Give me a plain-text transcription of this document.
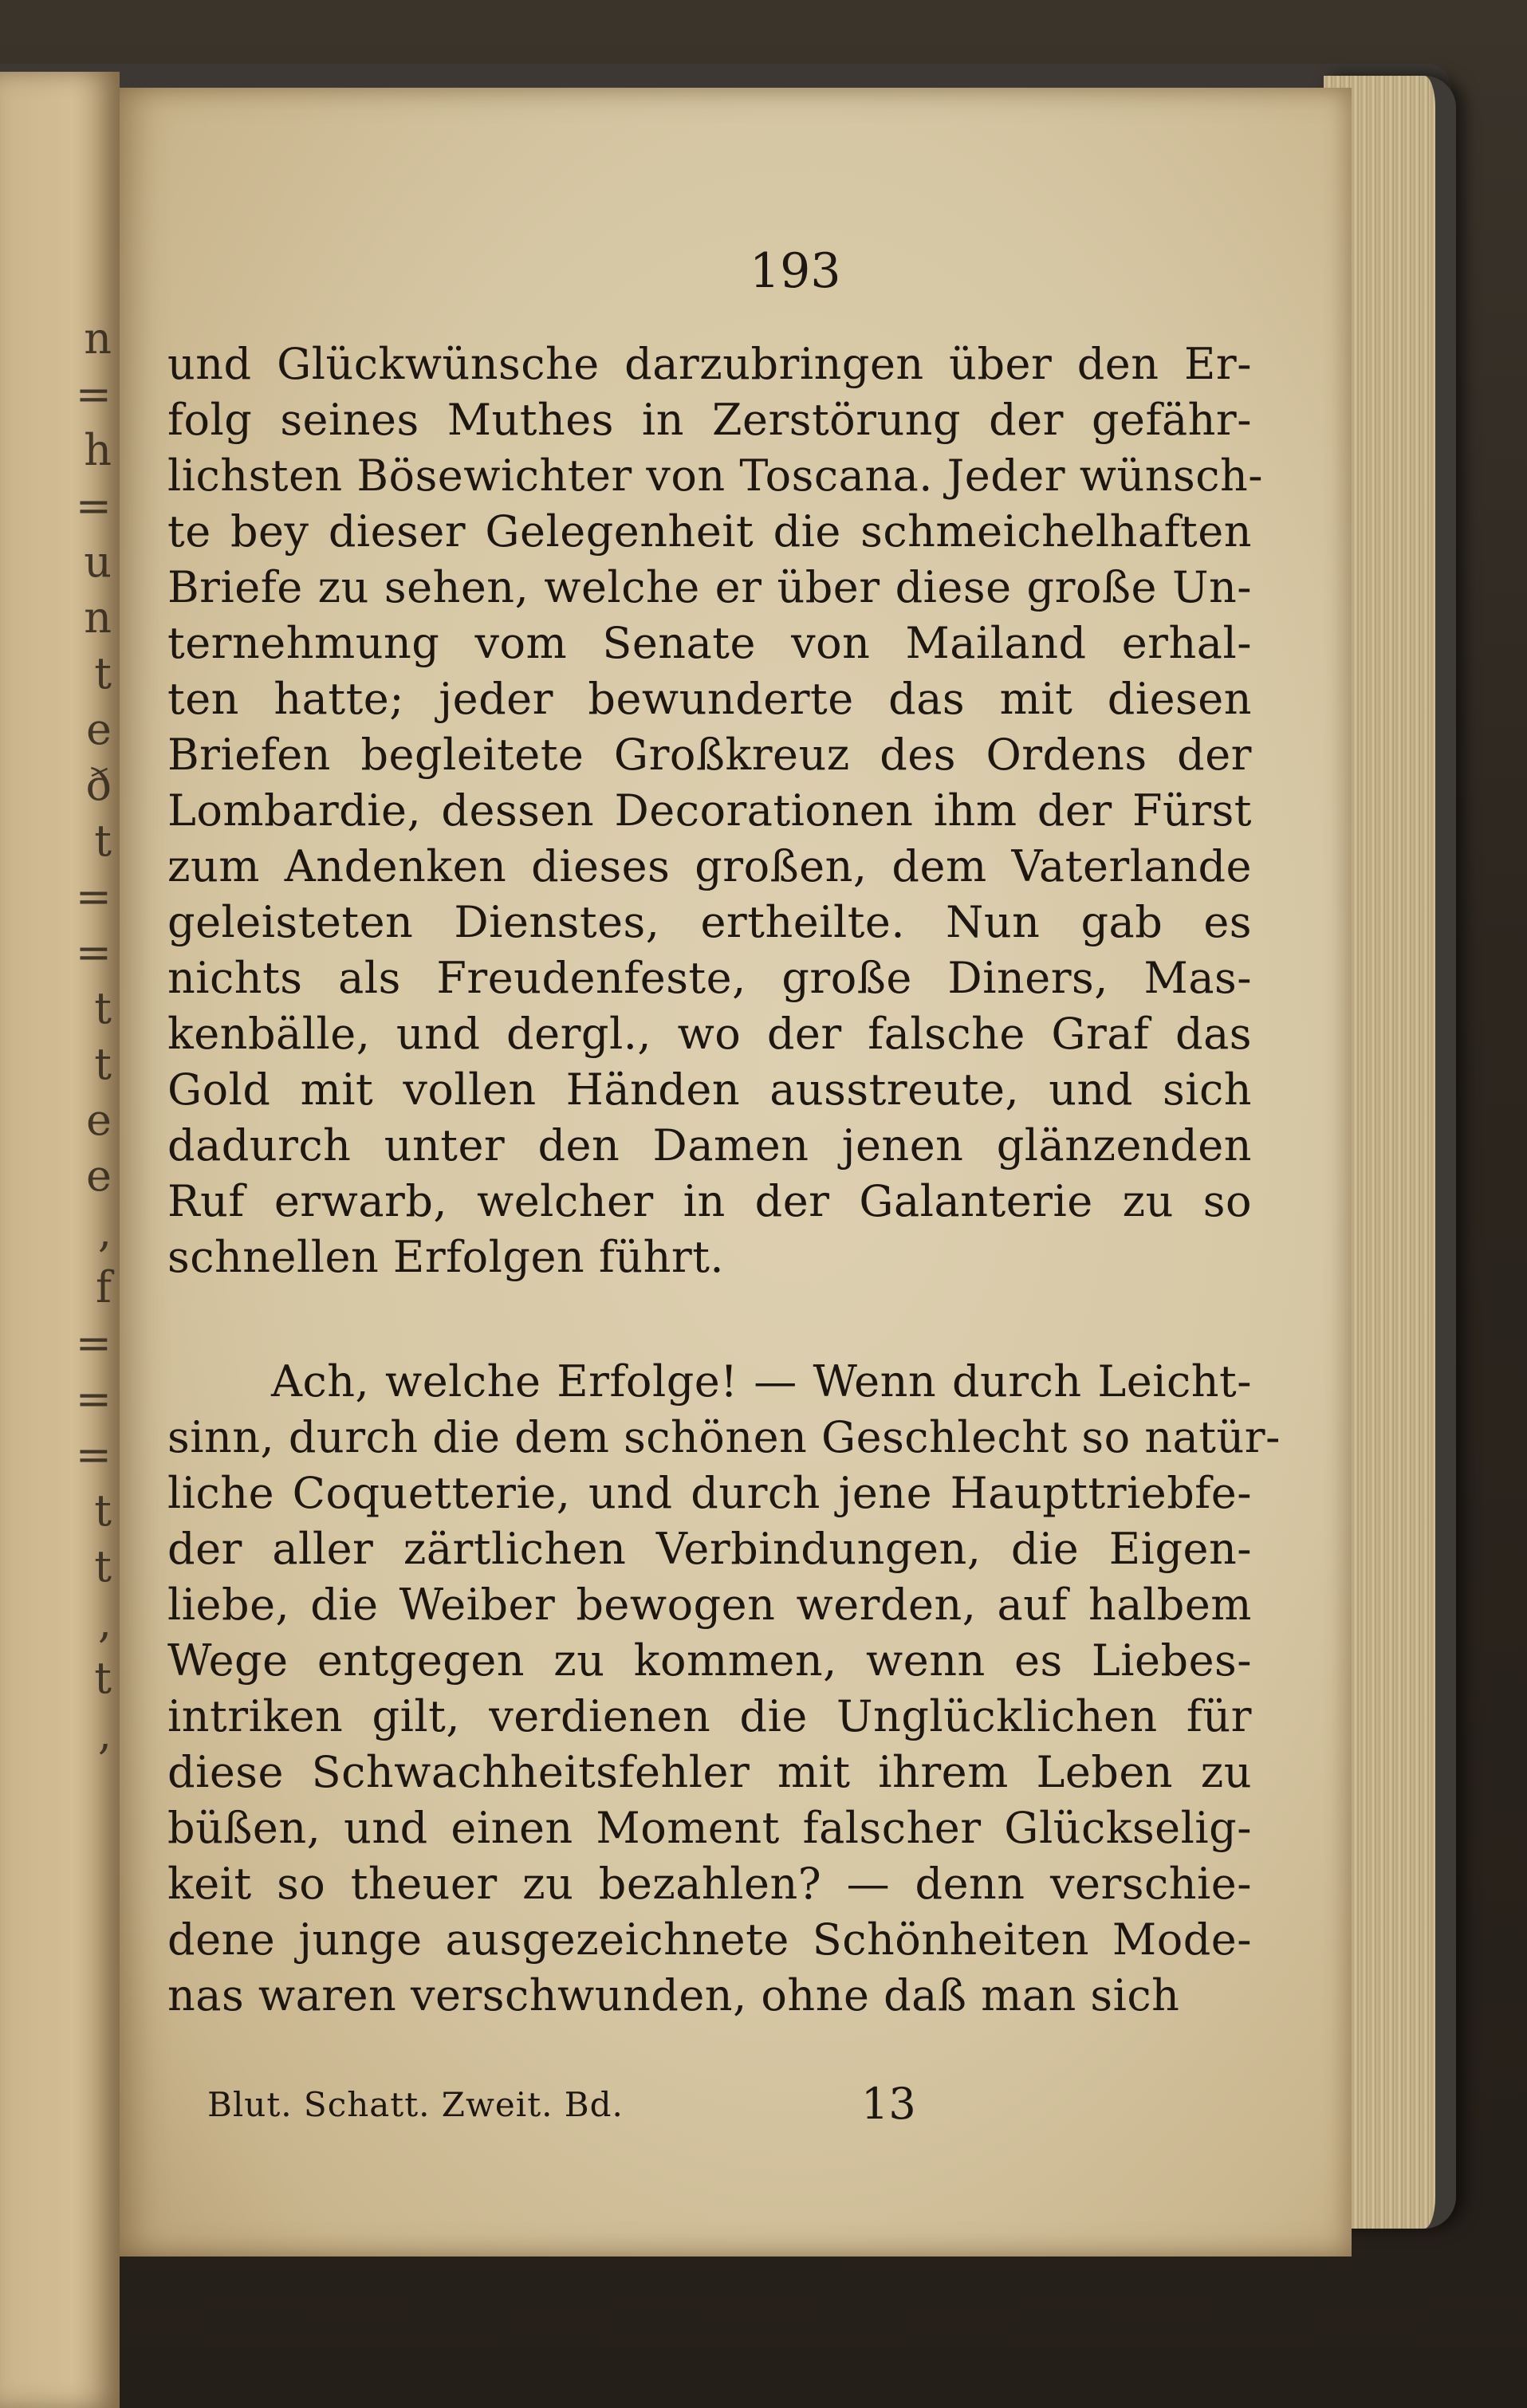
n
=
h
=
u
n
t
e
ð
t
=
=
t
t
e
e
,
f
=
=
=
t
t
,
t
,
193
und Glückwünsche darzubringen über den Er-
folg seines Muthes in Zerstörung der gefähr-
lichsten Bösewichter von Toscana. Jeder wünsch-
te bey dieser Gelegenheit die schmeichelhaften
Briefe zu sehen, welche er über diese große Un-
ternehmung vom Senate von Mailand erhal-
ten hatte; jeder bewunderte das mit diesen
Briefen begleitete Großkreuz des Ordens der
Lombardie, dessen Decorationen ihm der Fürst
zum Andenken dieses großen, dem Vaterlande
geleisteten Dienstes, ertheilte. Nun gab es
nichts als Freudenfeste, große Diners, Mas-
kenbälle, und dergl., wo der falsche Graf das
Gold mit vollen Händen ausstreute, und sich
dadurch unter den Damen jenen glänzenden
Ruf erwarb, welcher in der Galanterie zu so
schnellen Erfolgen führt.
Ach, welche Erfolge! — Wenn durch Leicht-
sinn, durch die dem schönen Geschlecht so natür-
liche Coquetterie, und durch jene Haupttriebfe-
der aller zärtlichen Verbindungen, die Eigen-
liebe, die Weiber bewogen werden, auf halbem
Wege entgegen zu kommen, wenn es Liebes-
intriken gilt, verdienen die Unglücklichen für
diese Schwachheitsfehler mit ihrem Leben zu
büßen, und einen Moment falscher Glückselig-
keit so theuer zu bezahlen? — denn verschie-
dene junge ausgezeichnete Schönheiten Mode-
nas waren verschwunden, ohne daß man sich
Blut. Schatt. Zweit. Bd.	13
